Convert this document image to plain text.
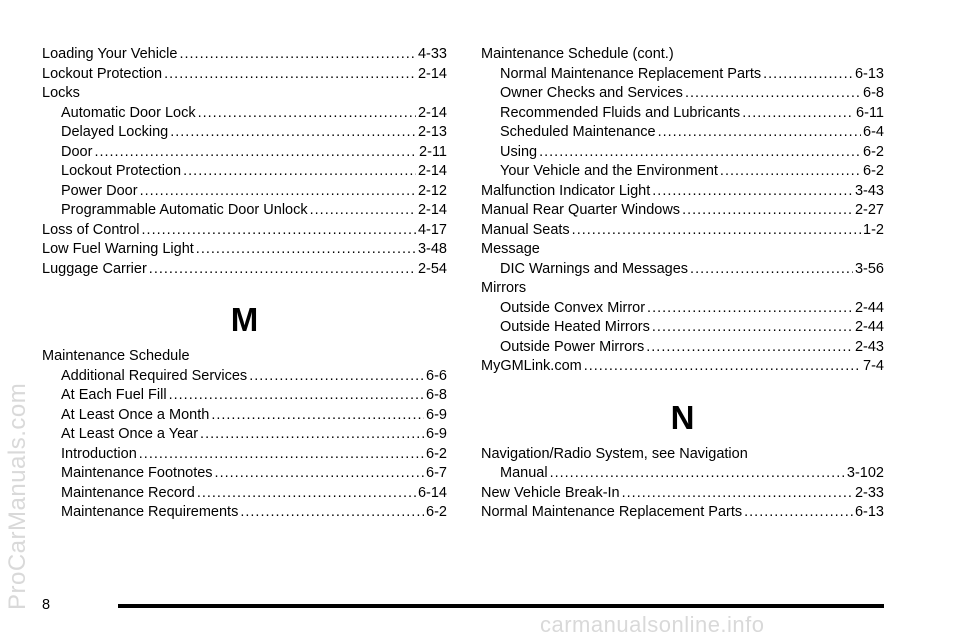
Loading Your Vehicle .....	4-33
Lockout Protection .....	2-14
Locks
Automatic Door Lock .....	2-14
Delayed Locking .....	2-13
Door .....	2-11
Lockout Protection .....	2-14
Power Door .....	2-12
Programmable Automatic Door Unlock .....	2-14
Loss of Control .....	4-17
Low Fuel Warning Light .....	3-48
Luggage Carrier .....	2-54
M
Maintenance Schedule
Additional Required Services .....	6-6
At Each Fuel Fill .....	6-8
At Least Once a Month .....	6-9
At Least Once a Year .....	6-9
Introduction .....	6-2
Maintenance Footnotes .....	6-7
Maintenance Record .....	6-14
Maintenance Requirements .....	6-2
Maintenance Schedule (cont.)
Normal Maintenance Replacement Parts .....	6-13
Owner Checks and Services .....	6-8
Recommended Fluids and Lubricants .....	6-11
Scheduled Maintenance .....	6-4
Using .....	6-2
Your Vehicle and the Environment .....	6-2
Malfunction Indicator Light .....	3-43
Manual Rear Quarter Windows .....	2-27
Manual Seats .....	1-2
Message
DIC Warnings and Messages .....	3-56
Mirrors
Outside Convex Mirror .....	2-44
Outside Heated Mirrors .....	2-44
Outside Power Mirrors .....	2-43
MyGMLink.com .....	7-4
N
Navigation/Radio System, see Navigation
Manual .....	3-102
New Vehicle Break-In .....	2-33
Normal Maintenance Replacement Parts .....	6-13
ProCarManuals.com
carmanualsonline.info
8
